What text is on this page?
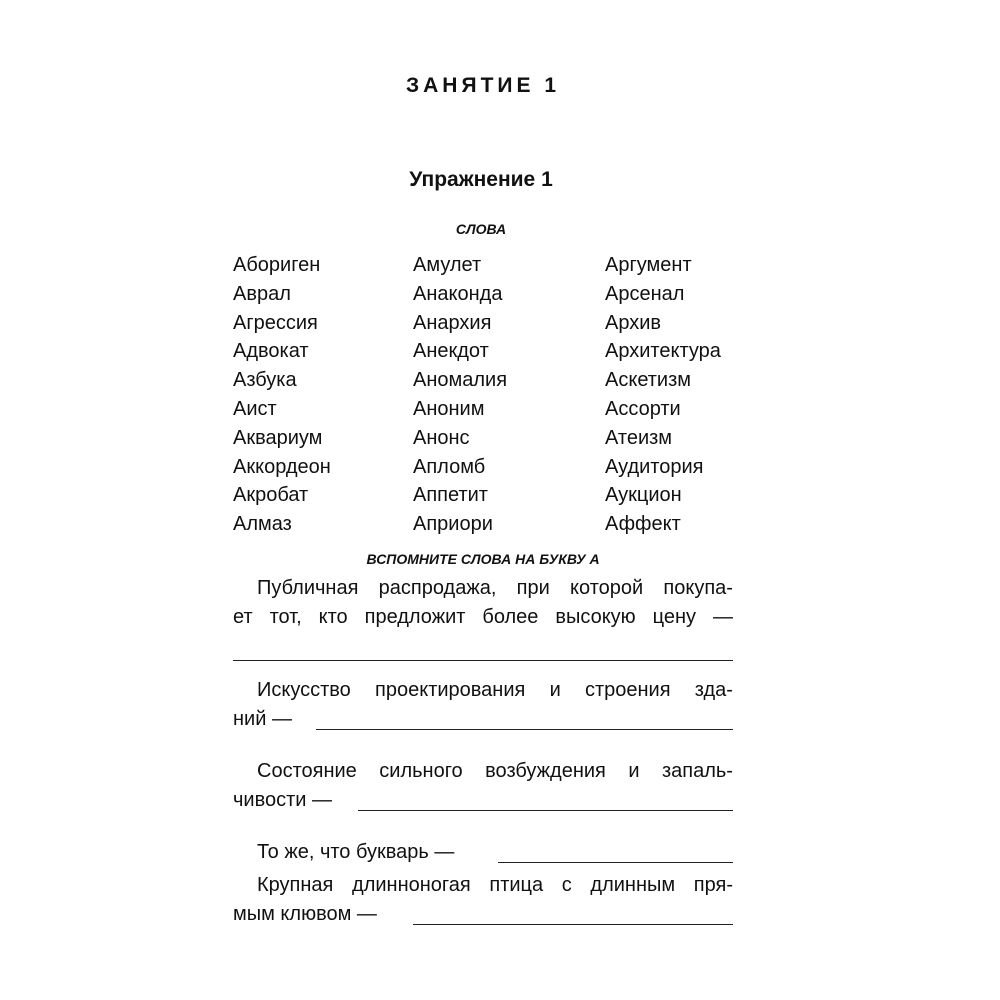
ЗАНЯТИЕ 1
Упражнение 1
СЛОВА
Абориген
Аврал
Агрессия
Адвокат
Азбука
Аист
Аквариум
Аккордеон
Акробат
Алмаз
Амулет
Анаконда
Анархия
Анекдот
Аномалия
Аноним
Анонс
Апломб
Аппетит
Априори
Аргумент
Арсенал
Архив
Архитектура
Аскетизм
Ассорти
Атеизм
Аудитория
Аукцион
Аффект
ВСПОМНИТЕ СЛОВА НА БУКВУ А
Публичная распродажа, при которой покупа-
ет тот, кто предложит более высокую цену —
Искусство проектирования и строения зда-
ний —
Состояние сильного возбуждения и запаль-
чивости —
То же, что букварь —
Крупная длинноногая птица с длинным пря-
мым клювом —
